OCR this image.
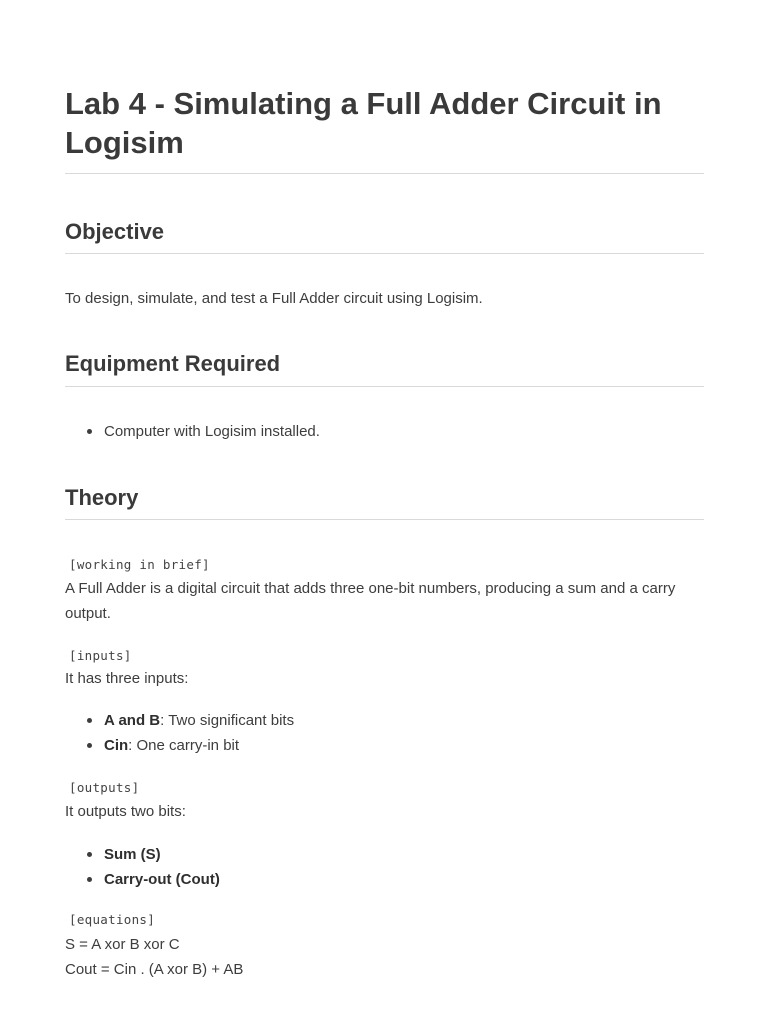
Lab 4 - Simulating a Full Adder Circuit in Logisim
Objective

To design, simulate, and test a Full Adder circuit using Logisim.

Equipment Required
Computer with Logisim installed.
Theory
[working in brief]

A Full Adder is a digital circuit that adds three one-bit numbers, producing a sum and a carry output.

[inputs]

It has three inputs:

A and B: Two significant bits
Cin: One carry-in bit
[outputs]

It outputs two bits:

Sum (S)
Carry-out (Cout)
[equations]

S = A xor B xor C

Cout = Cin . (A xor B) + AB
